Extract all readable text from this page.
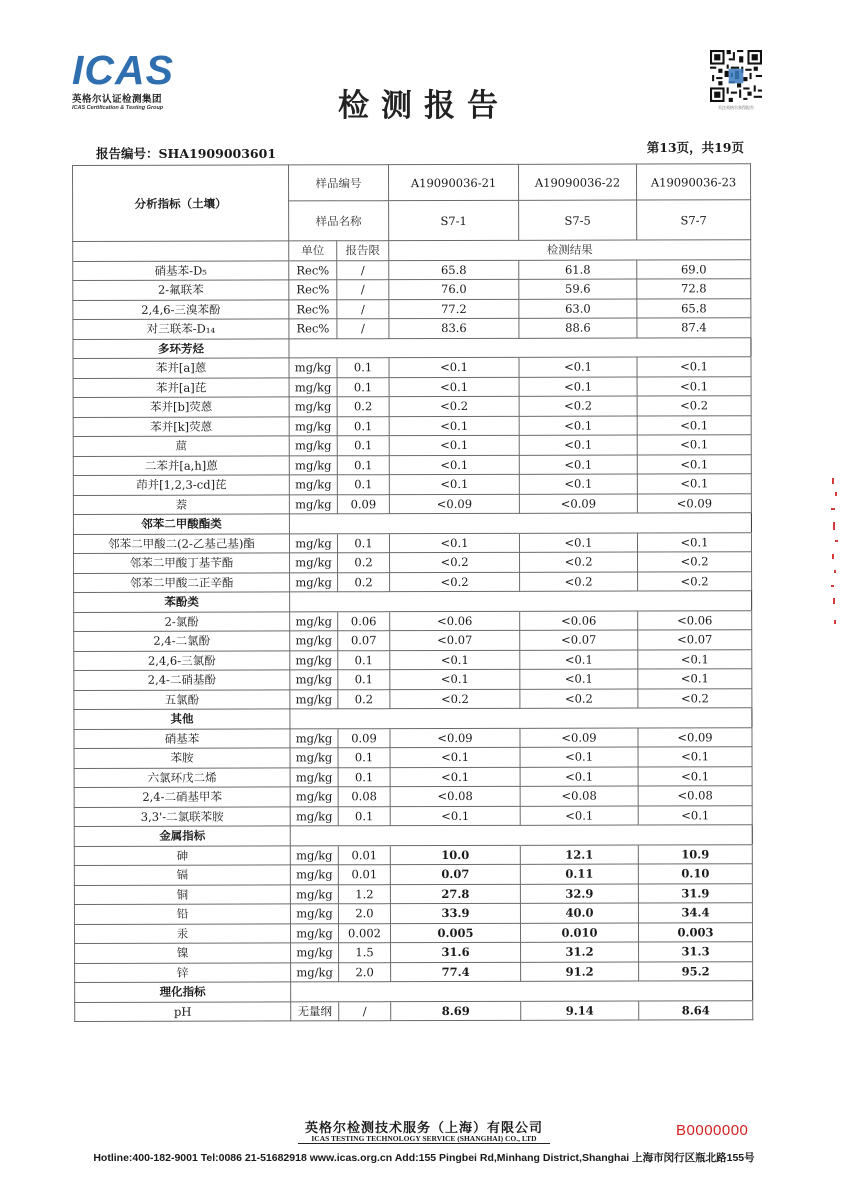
ICAS
英格尔认证检测集团
ICAS Certification & Testing Group	检测报告	关注英格尔获得报告
报告编号：SHA1909003601	第13页，共19页
分析指标（土壤）	样品编号		A19090036-21	A19090036-22	A19090036-23
	样品名称		S7-1	S7-5	S7-7
	单位	报告限	检测结果		
硝基苯-D₅	Rec%	/	65.8	61.8	69.0
2-氟联苯	Rec%	/	76.0	59.6	72.8
2,4,6-三溴苯酚	Rec%	/	77.2	63.0	65.8
对三联苯-D₁₄	Rec%	/	83.6	88.6	87.4
多环芳烃					
苯并[a]蒽	mg/kg	0.1	<0.1	<0.1	<0.1
苯并[a]芘	mg/kg	0.1	<0.1	<0.1	<0.1
苯并[b]荧蒽	mg/kg	0.2	<0.2	<0.2	<0.2
苯并[k]荧蒽	mg/kg	0.1	<0.1	<0.1	<0.1
䓛	mg/kg	0.1	<0.1	<0.1	<0.1
二苯并[a,h]蒽	mg/kg	0.1	<0.1	<0.1	<0.1
茚并[1,2,3-cd]芘	mg/kg	0.1	<0.1	<0.1	<0.1
萘	mg/kg	0.09	<0.09	<0.09	<0.09
邻苯二甲酸酯类					
邻苯二甲酸二(2-乙基己基)酯	mg/kg	0.1	<0.1	<0.1	<0.1
邻苯二甲酸丁基苄酯	mg/kg	0.2	<0.2	<0.2	<0.2
邻苯二甲酸二正辛酯	mg/kg	0.2	<0.2	<0.2	<0.2
苯酚类					
2-氯酚	mg/kg	0.06	<0.06	<0.06	<0.06
2,4-二氯酚	mg/kg	0.07	<0.07	<0.07	<0.07
2,4,6-三氯酚	mg/kg	0.1	<0.1	<0.1	<0.1
2,4-二硝基酚	mg/kg	0.1	<0.1	<0.1	<0.1
五氯酚	mg/kg	0.2	<0.2	<0.2	<0.2
其他					
硝基苯	mg/kg	0.09	<0.09	<0.09	<0.09
苯胺	mg/kg	0.1	<0.1	<0.1	<0.1
六氯环戊二烯	mg/kg	0.1	<0.1	<0.1	<0.1
2,4-二硝基甲苯	mg/kg	0.08	<0.08	<0.08	<0.08
3,3'-二氯联苯胺	mg/kg	0.1	<0.1	<0.1	<0.1
金属指标					
砷	mg/kg	0.01	10.0	12.1	10.9
镉	mg/kg	0.01	0.07	0.11	0.10
铜	mg/kg	1.2	27.8	32.9	31.9
铅	mg/kg	2.0	33.9	40.0	34.4
汞	mg/kg	0.002	0.005	0.010	0.003
镍	mg/kg	1.5	31.6	31.2	31.3
锌	mg/kg	2.0	77.4	91.2	95.2
理化指标					
pH	无量纲	/	8.69	9.14	8.64
英格尔检测技术服务（上海）有限公司
ICAS TESTING TECHNOLOGY SERVICE (SHANGHAI) CO., LTD	B0000000
Hotline:400-182-9001 Tel:0086 21-51682918 www.icas.org.cn Add:155 Pingbei Rd,Minhang District,Shanghai 上海市闵行区瓶北路155号
